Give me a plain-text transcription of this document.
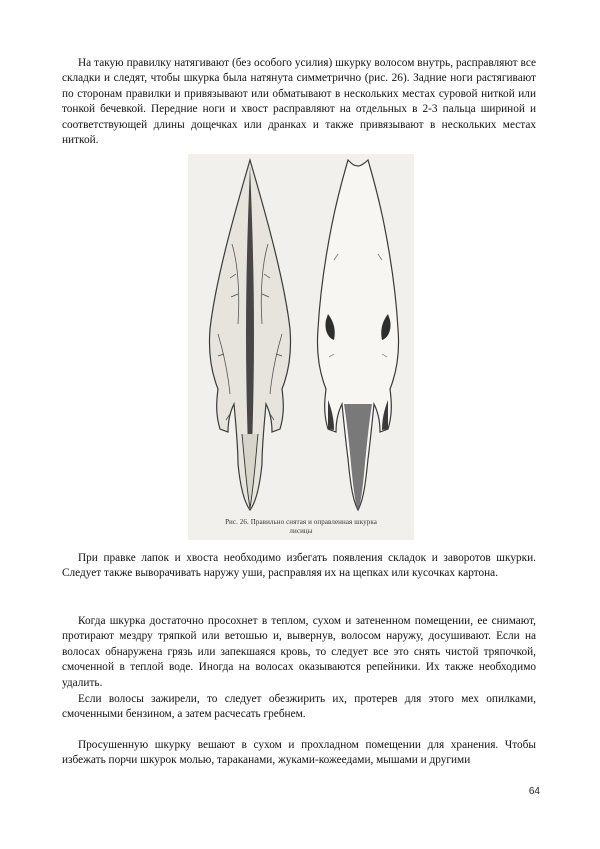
На такую правилку натягивают (без особого усилия) шкурку волосом внутрь, расправляют все складки и следят, чтобы шкурка была натянута симметрично (рис. 26). Задние ноги растягивают по сторонам правилки и привязывают или обматывают в нескольких местах суровой ниткой или тонкой бечевкой. Передние ноги и хвост расправляют на отдельных в 2-3 пальца шириной и соответствующей длины дощечках или дранках и также привязывают в нескольких местах ниткой.

Рис. 26. Правильно снятая и оправленная шкурка
лисицы

При правке лапок и хвоста необходимо избегать появления складок и заворотов шкурки. Следует также выворачивать наружу уши, расправляя их на щепках или кусочках картона.

Когда шкурка достаточно просохнет в теплом, сухом и затененном помещении, ее снимают, протирают мездру тряпкой или ветошью и, вывернув, волосом наружу, досушивают. Если на волосах обнаружена грязь или запекшаяся кровь, то следует все это снять чистой тряпочкой, смоченной в теплой воде. Иногда на волосах оказываются репейники. Их также необходимо удалить.

Если волосы зажирели, то следует обезжирить их, протерев для этого мех опилками, смоченными бензином, а затем расчесать гребнем.

Просушенную шкурку вешают в сухом и прохладном помещении для хранения. Чтобы избежать порчи шкурок молью, тараканами, жуками-кожеедами, мышами и другими

64
